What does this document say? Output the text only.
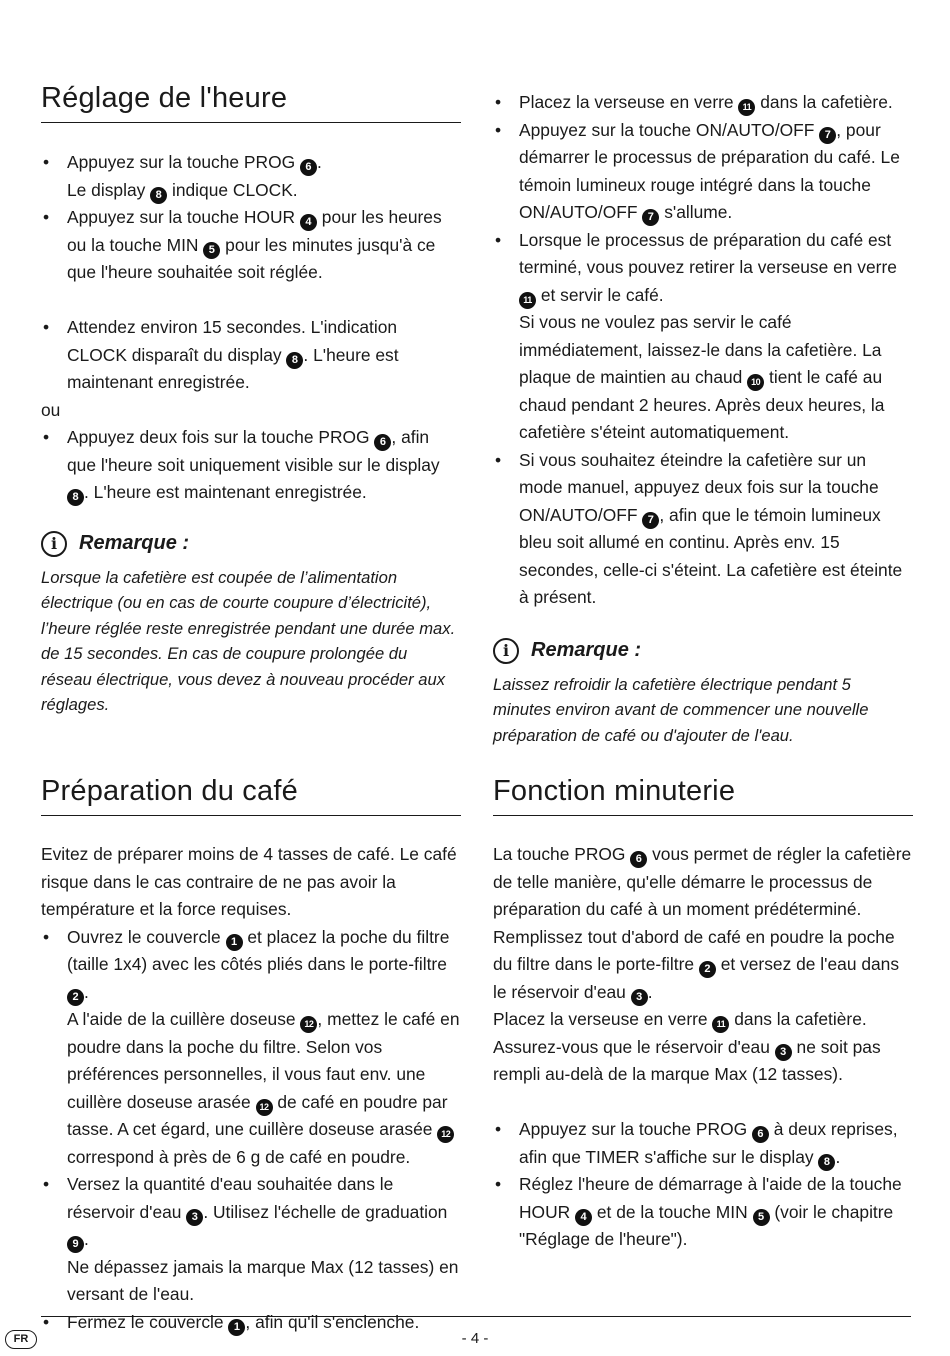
Réglage de l'heure
• Appuyez sur la touche PROG 6 .
Le display 8 indique CLOCK.
• Appuyez sur la touche HOUR 4 pour les heures ou la touche MIN 5 pour les minutes jusqu'à ce que l'heure souhaitée soit réglée.
• Attendez environ 15 secondes. L'indication CLOCK disparaît du display 8 . L'heure est maintenant enregistrée.

ou

• Appuyez deux fois sur la touche PROG 6 , afin que l'heure soit uniquement visible sur le display 8 . L'heure est maintenant enregistrée.
i	Remarque :

Lorsque la cafetière est coupée de l’alimentation électrique (ou en cas de courte coupure d’électricité), l’heure réglée reste enregistrée pendant une durée max. de 15 secondes. En cas de coupure prolongée du réseau électrique, vous devez à nouveau procéder aux réglages.

• Placez la verseuse en verre 11 dans la cafetière.
• Appuyez sur la touche ON/AUTO/OFF 7 , pour démarrer le processus de préparation du café. Le témoin lumineux rouge intégré dans la touche ON/AUTO/OFF 7 s'allume.
• Lorsque le processus de préparation du café est terminé, vous pouvez retirer la verseuse en verre 11 et servir le café.
Si vous ne voulez pas servir le café immédiatement, laissez-le dans la cafetière. La plaque de maintien au chaud 10 tient le café au chaud pendant 2 heures. Après deux heures, la cafetière s'éteint automatiquement.
• Si vous souhaitez éteindre la cafetière sur un mode manuel, appuyez deux fois sur la touche ON/AUTO/OFF 7 , afin que le témoin lumineux bleu soit allumé en continu. Après env. 15 secondes, celle-ci s'éteint. La cafetière est éteinte à présent.
i	Remarque :

Laissez refroidir la cafetière électrique pendant 5 minutes environ avant de commencer une nouvelle préparation de café ou d'ajouter de l'eau.

Préparation du café

Evitez de préparer moins de 4 tasses de café. Le café risque dans le cas contraire de ne pas avoir la température et la force requises.

• Ouvrez le couvercle 1 et placez la poche du filtre (taille 1x4) avec les côtés pliés dans le porte-filtre 2 .
A l'aide de la cuillère doseuse 12 , mettez le café en poudre dans la poche du filtre. Selon vos préférences personnelles, il vous faut env. une cuillère doseuse arasée 12 de café en poudre par tasse. A cet égard, une cuillère doseuse arasée 12 correspond à près de 6 g de café en poudre.
• Versez la quantité d'eau souhaitée dans le réservoir d'eau 3 . Utilisez l'échelle de graduation 9 .
Ne dépassez jamais la marque Max (12 tasses) en versant de l'eau.
• Fermez le couvercle 1 , afin qu'il s'enclenche.
Fonction minuterie

La touche PROG 6 vous permet de régler la cafetière de telle manière, qu'elle démarre le processus de préparation du café à un moment prédéterminé. Remplissez tout d'abord de café en poudre la poche du filtre dans le porte-filtre 2 et versez de l'eau dans le réservoir d'eau 3 .

Placez la verseuse en verre 11 dans la cafetière.

Assurez-vous que le réservoir d'eau 3 ne soit pas rempli au-delà de la marque Max (12 tasses).

• Appuyez sur la touche PROG 6 à deux reprises, afin que TIMER s'affiche sur le display 8 .
• Réglez l'heure de démarrage à l'aide de la touche HOUR 4 et de la touche MIN 5 (voir le chapitre "Réglage de l'heure").
FR	- 4 -
